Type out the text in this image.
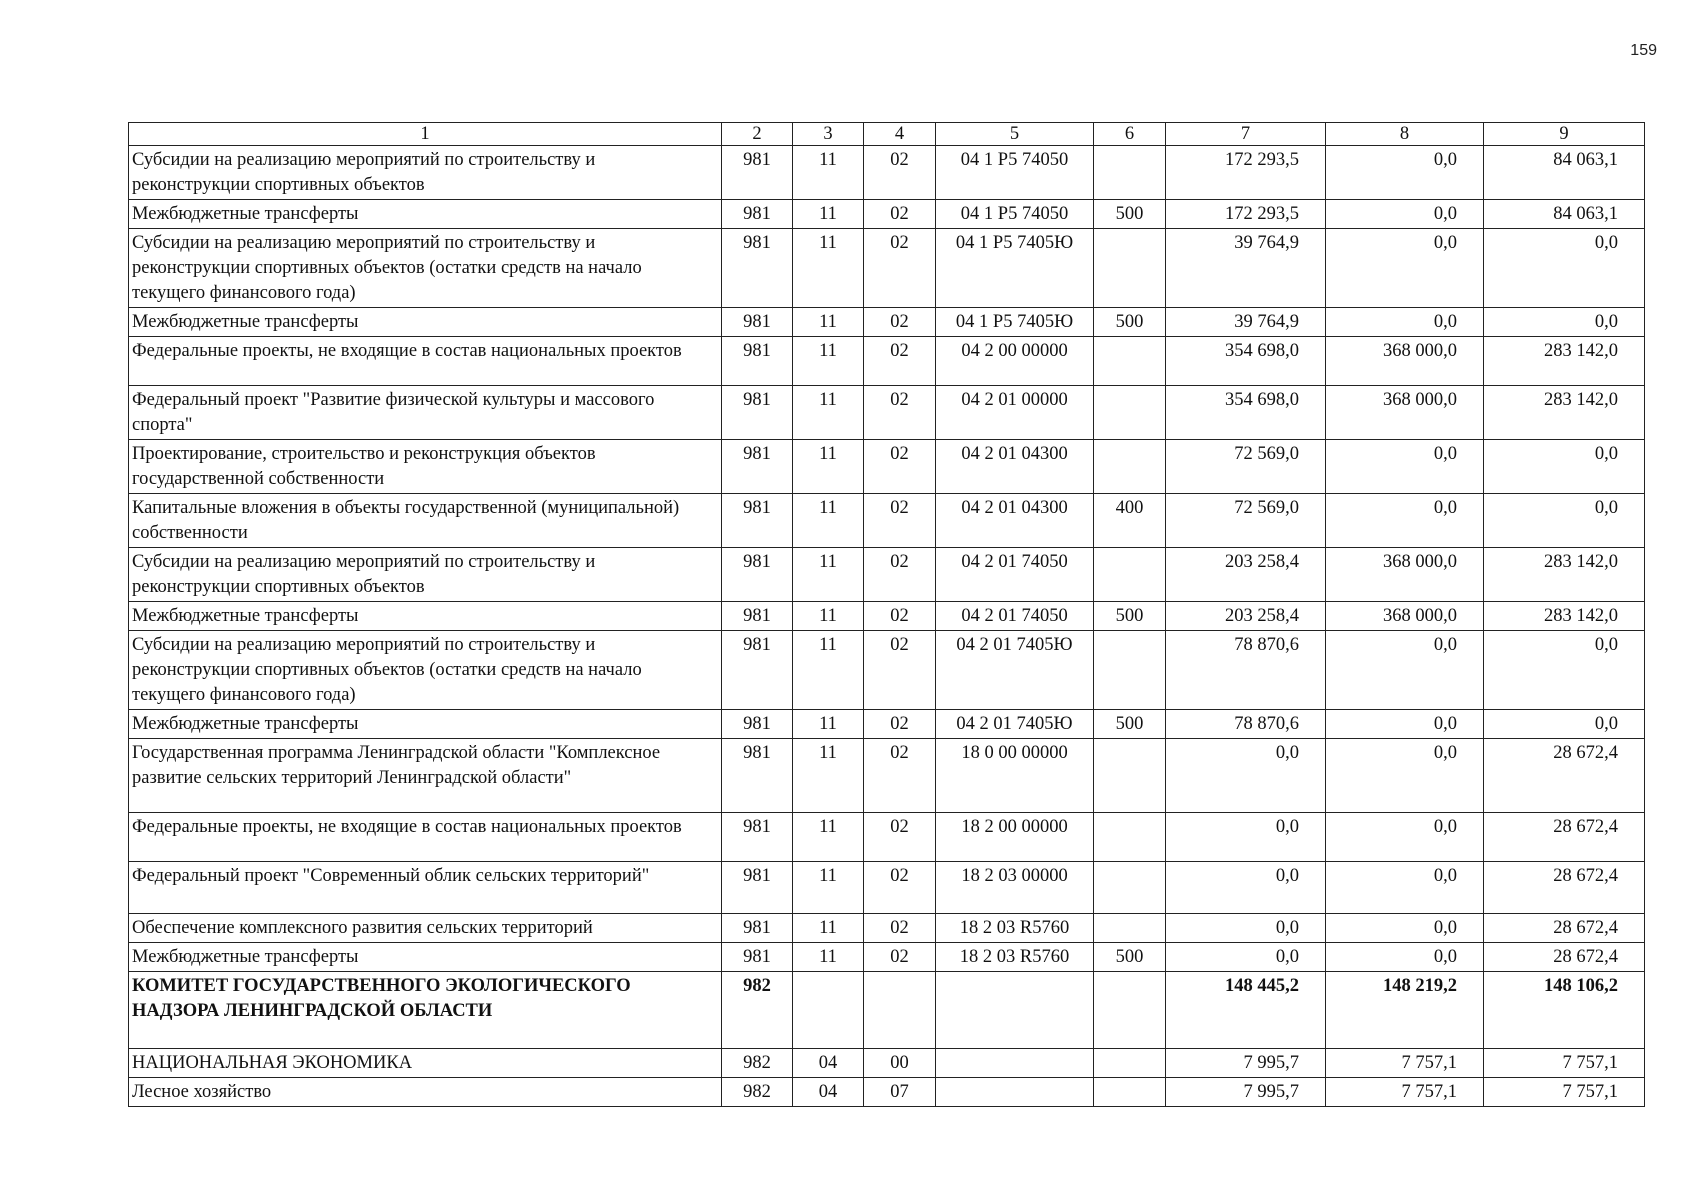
159
1	2	3	4	5	6	7	8	9
Субсидии на реализацию мероприятий по строительству и реконструкции спортивных объектов	981	11	02	04 1 P5 74050		172 293,5	0,0	84 063,1
Межбюджетные трансферты	981	11	02	04 1 P5 74050	500	172 293,5	0,0	84 063,1
Субсидии на реализацию мероприятий по строительству и реконструкции спортивных объектов (остатки средств на начало текущего финансового года)	981	11	02	04 1 P5 7405Ю		39 764,9	0,0	0,0
Межбюджетные трансферты	981	11	02	04 1 P5 7405Ю	500	39 764,9	0,0	0,0
Федеральные проекты, не входящие в состав национальных проектов	981	11	02	04 2 00 00000		354 698,0	368 000,0	283 142,0
Федеральный проект "Развитие физической культуры и массового спорта"	981	11	02	04 2 01 00000		354 698,0	368 000,0	283 142,0
Проектирование, строительство и реконструкция объектов государственной собственности	981	11	02	04 2 01 04300		72 569,0	0,0	0,0
Капитальные вложения в объекты государственной (муниципальной) собственности	981	11	02	04 2 01 04300	400	72 569,0	0,0	0,0
Субсидии на реализацию мероприятий по строительству и реконструкции спортивных объектов	981	11	02	04 2 01 74050		203 258,4	368 000,0	283 142,0
Межбюджетные трансферты	981	11	02	04 2 01 74050	500	203 258,4	368 000,0	283 142,0
Субсидии на реализацию мероприятий по строительству и реконструкции спортивных объектов (остатки средств на начало текущего финансового года)	981	11	02	04 2 01 7405Ю		78 870,6	0,0	0,0
Межбюджетные трансферты	981	11	02	04 2 01 7405Ю	500	78 870,6	0,0	0,0
Государственная программа Ленинградской области "Комплексное развитие сельских территорий Ленинградской области"	981	11	02	18 0 00 00000		0,0	0,0	28 672,4
Федеральные проекты, не входящие в состав национальных проектов	981	11	02	18 2 00 00000		0,0	0,0	28 672,4
Федеральный проект "Современный облик сельских территорий"	981	11	02	18 2 03 00000		0,0	0,0	28 672,4
Обеспечение комплексного развития сельских территорий	981	11	02	18 2 03 R5760		0,0	0,0	28 672,4
Межбюджетные трансферты	981	11	02	18 2 03 R5760	500	0,0	0,0	28 672,4
КОМИТЕТ ГОСУДАРСТВЕННОГО ЭКОЛОГИЧЕСКОГО НАДЗОРА ЛЕНИНГРАДСКОЙ ОБЛАСТИ	982					148 445,2	148 219,2	148 106,2
НАЦИОНАЛЬНАЯ ЭКОНОМИКА	982	04	00			7 995,7	7 757,1	7 757,1
Лесное хозяйство	982	04	07			7 995,7	7 757,1	7 757,1
